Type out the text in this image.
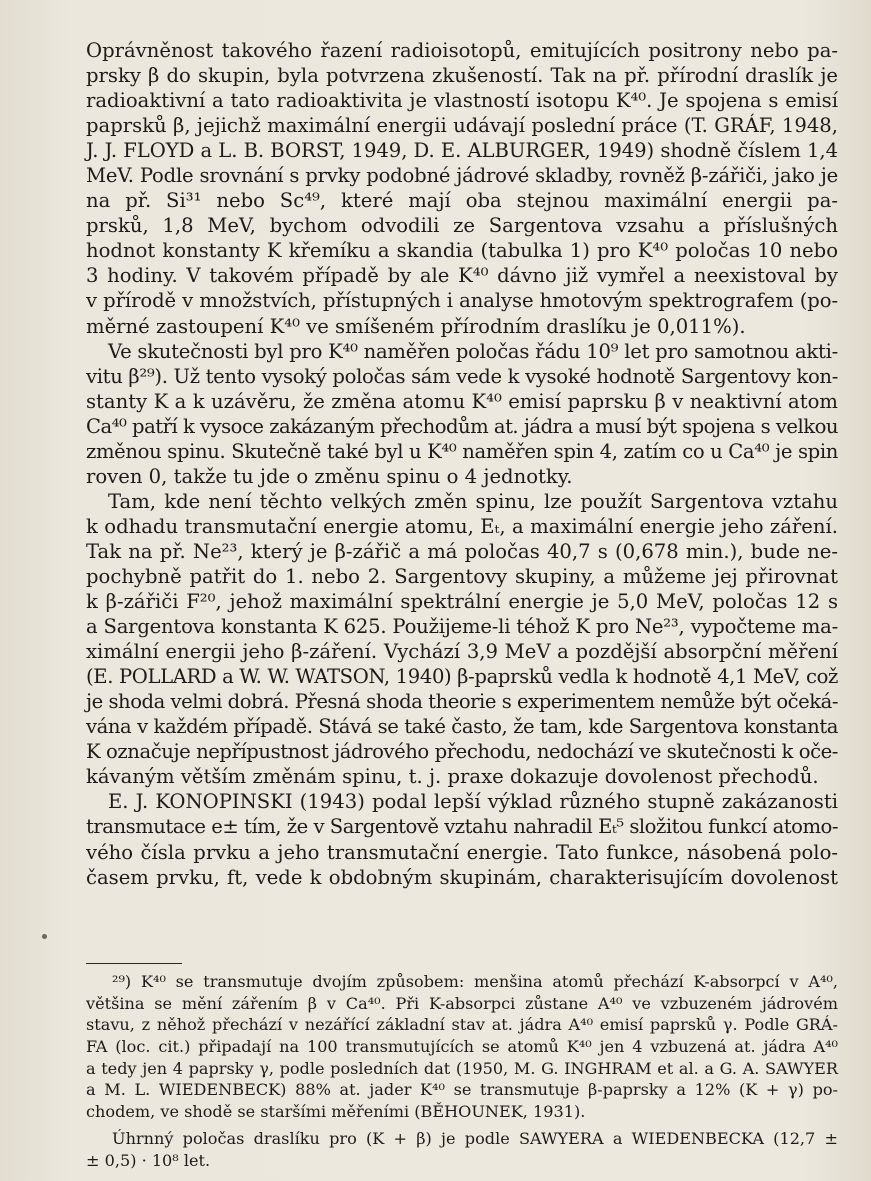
Oprávněnost takového řazení radioisotopů, emitujících positrony nebo pa-
prsky β do skupin, byla potvrzena zkušeností. Tak na př. přírodní draslík je
radioaktivní a tato radioaktivita je vlastností isotopu K⁴⁰. Je spojena s emisí
paprsků β, jejichž maximální energii udávají poslední práce (T. GRÁF, 1948,
J. J. FLOYD a L. B. BORST, 1949, D. E. ALBURGER, 1949) shodně číslem 1,4
MeV. Podle srovnání s prvky podobné jádrové skladby, rovněž β-zářiči, jako je
na př. Si³¹ nebo Sc⁴⁹, které mají oba stejnou maximální energii pa-
prsků, 1,8 MeV, bychom odvodili ze Sargentova vzsahu a příslušných
hodnot konstanty K křemíku a skandia (tabulka 1) pro K⁴⁰ poločas 10 nebo
3 hodiny. V takovém případě by ale K⁴⁰ dávno již vymřel a neexistoval by
v přírodě v množstvích, přístupných i analyse hmotovým spektrografem (po-
měrné zastoupení K⁴⁰ ve smíšeném přírodním draslíku je 0,011%).
Ve skutečnosti byl pro K⁴⁰ naměřen poločas řádu 10⁹ let pro samotnou akti-
vitu β²⁹). Už tento vysoký poločas sám vede k vysoké hodnotě Sargentovy kon-
stanty K a k uzávěru, že změna atomu K⁴⁰ emisí paprsku β v neaktivní atom
Ca⁴⁰ patří k vysoce zakázaným přechodům at. jádra a musí být spojena s velkou
změnou spinu. Skutečně také byl u K⁴⁰ naměřen spin 4, zatím co u Ca⁴⁰ je spin
roven 0, takže tu jde o změnu spinu o 4 jednotky.
Tam, kde není těchto velkých změn spinu, lze použít Sargentova vztahu
k odhadu transmutační energie atomu, Eₜ, a maximální energie jeho záření.
Tak na př. Ne²³, který je β-zářič a má poločas 40,7 s (0,678 min.), bude ne-
pochybně patřit do 1. nebo 2. Sargentovy skupiny, a můžeme jej přirovnat
k β-zářiči F²⁰, jehož maximální spektrální energie je 5,0 MeV, poločas 12 s
a Sargentova konstanta K 625. Použijeme-li téhož K pro Ne²³, vypočteme ma-
ximální energii jeho β-záření. Vychází 3,9 MeV a pozdější absorpční měření
(E. POLLARD a W. W. WATSON, 1940) β-paprsků vedla k hodnotě 4,1 MeV, což
je shoda velmi dobrá. Přesná shoda theorie s experimentem nemůže být očeká-
vána v každém případě. Stává se také často, že tam, kde Sargentova konstanta
K označuje nepřípustnost jádrového přechodu, nedochází ve skutečnosti k oče-
kávaným větším změnám spinu, t. j. praxe dokazuje dovolenost přechodů.
E. J. KONOPINSKI (1943) podal lepší výklad různého stupně zakázanosti
transmutace e± tím, že v Sargentově vztahu nahradil Eₜ⁵ složitou funkcí atomo-
vého čísla prvku a jeho transmutační energie. Tato funkce, násobená polo-
časem prvku, ft, vede k obdobným skupinám, charakterisujícím dovolenost
²⁹) K⁴⁰ se transmutuje dvojím způsobem: menšina atomů přechází K-absorpcí v A⁴⁰,
většina se mění zářením β v Ca⁴⁰. Při K-absorpci zůstane A⁴⁰ ve vzbuzeném jádrovém
stavu, z něhož přechází v nezářící základní stav at. jádra A⁴⁰ emisí paprsků γ. Podle GRÁ-
FA (loc. cit.) připadají na 100 transmutujících se atomů K⁴⁰ jen 4 vzbuzená at. jádra A⁴⁰
a tedy jen 4 paprsky γ, podle posledních dat (1950, M. G. INGHRAM et al. a G. A. SAWYER
a M. L. WIEDENBECK) 88% at. jader K⁴⁰ se transmutuje β-paprsky a 12% (K + γ) po-
chodem, ve shodě se staršími měřeními (BĚHOUNEK, 1931).
Úhrnný poločas draslíku pro (K + β) je podle SAWYERA a WIEDENBECKA (12,7 ±
± 0,5) · 10⁸ let.
